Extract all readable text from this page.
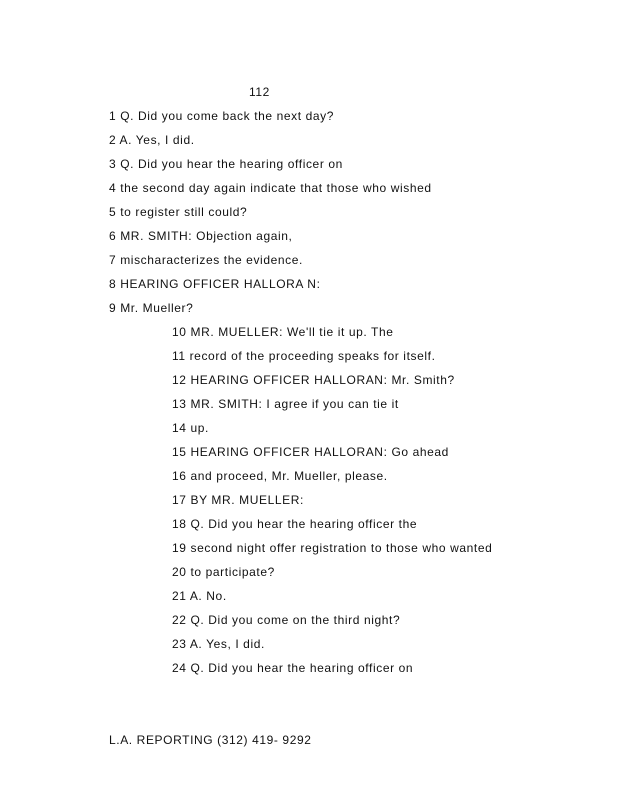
112
1 Q. Did you come back the next day?
2 A. Yes, I did.
3 Q. Did you hear the hearing officer on
4 the second day again indicate that those who wished
5 to register still could?
6 MR. SMITH: Objection again,
7 mischaracterizes the evidence.
8 HEARING OFFICER HALLORA N:
9 Mr. Mueller?
10 MR. MUELLER: We'll tie it up. The
11 record of the proceeding speaks for itself.
12 HEARING OFFICER HALLORAN: Mr. Smith?
13 MR. SMITH: I agree if you can tie it
14 up.
15 HEARING OFFICER HALLORAN: Go ahead
16 and proceed, Mr. Mueller, please.
17 BY MR. MUELLER:
18 Q. Did you hear the hearing officer the
19 second night offer registration to those who wanted
20 to participate?
21 A. No.
22 Q. Did you come on the third night?
23 A. Yes, I did.
24 Q. Did you hear the hearing officer on
L.A. REPORTING (312) 419- 9292
